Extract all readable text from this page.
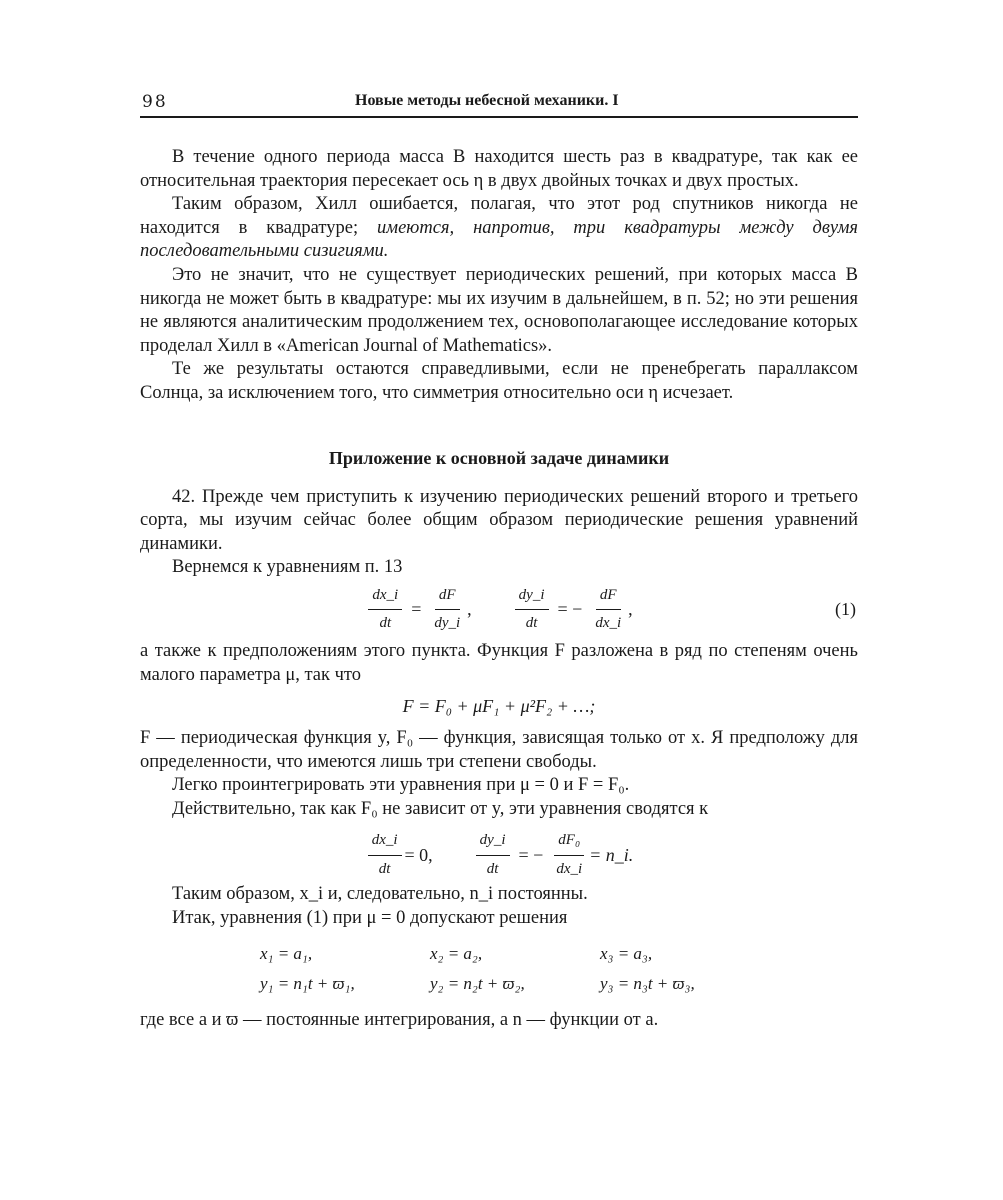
98	Новые методы небесной механики. I

В течение одного периода масса B находится шесть раз в квадратуре, так как ее относительная траектория пересекает ось η в двух двойных точках и двух простых.

Таким образом, Хилл ошибается, полагая, что этот род спутников никогда не находится в квадратуре; имеются, напротив, три квадратуры между двумя последовательными сизигиями.

Это не значит, что не существует периодических решений, при которых масса B никогда не может быть в квадратуре: мы их изучим в дальнейшем, в п. 52; но эти решения не являются аналитическим продолжением тех, основополагающее исследование которых проделал Хилл в «American Journal of Mathematics».

Те же результаты остаются справедливыми, если не пренебрегать параллаксом Солнца, за исключением того, что симметрия относительно оси η исчезает.

Приложение к основной задаче динамики

42. Прежде чем приступить к изучению периодических решений второго и третьего сорта, мы изучим сейчас более общим образом периодические решения уравнений динамики.

Вернемся к уравнениям п. 13

$\frac{dx\_i}{dt} = \frac{dF}{dy\_i}$ ,	$\frac{dy\_i}{dt}$ = − $\frac{dF}{dx\_i}$ ,	(1)

а также к предположениям этого пункта. Функция F разложена в ряд по степеням очень малого параметра μ, так что

F = F₀ + μF₁ + μ²F₂ + …;

F — периодическая функция y, F₀ — функция, зависящая только от x. Я предположу для определенности, что имеются лишь три степени свободы.

Легко проинтегрировать эти уравнения при μ = 0 и F = F₀.

Действительно, так как F₀ не зависит от y, эти уравнения сводятся к

$\frac{dx\_i}{dt} = 0$,	$\frac{dy\_i}{dt}$ = − $\frac{\text{dF₀}}{dx\_i}$ = n_i.

Таким образом, x_i и, следовательно, n_i постоянны.

Итак, уравнения (1) при μ = 0 допускают решения

x₁ = a₁,	x₂ = a₂,	x₃ = a₃,
y₁ = n₁t + ϖ₁,	y₂ = n₂t + ϖ₂,	y₃ = n₃t + ϖ₃,

где все a и ϖ — постоянные интегрирования, а n — функции от a.
